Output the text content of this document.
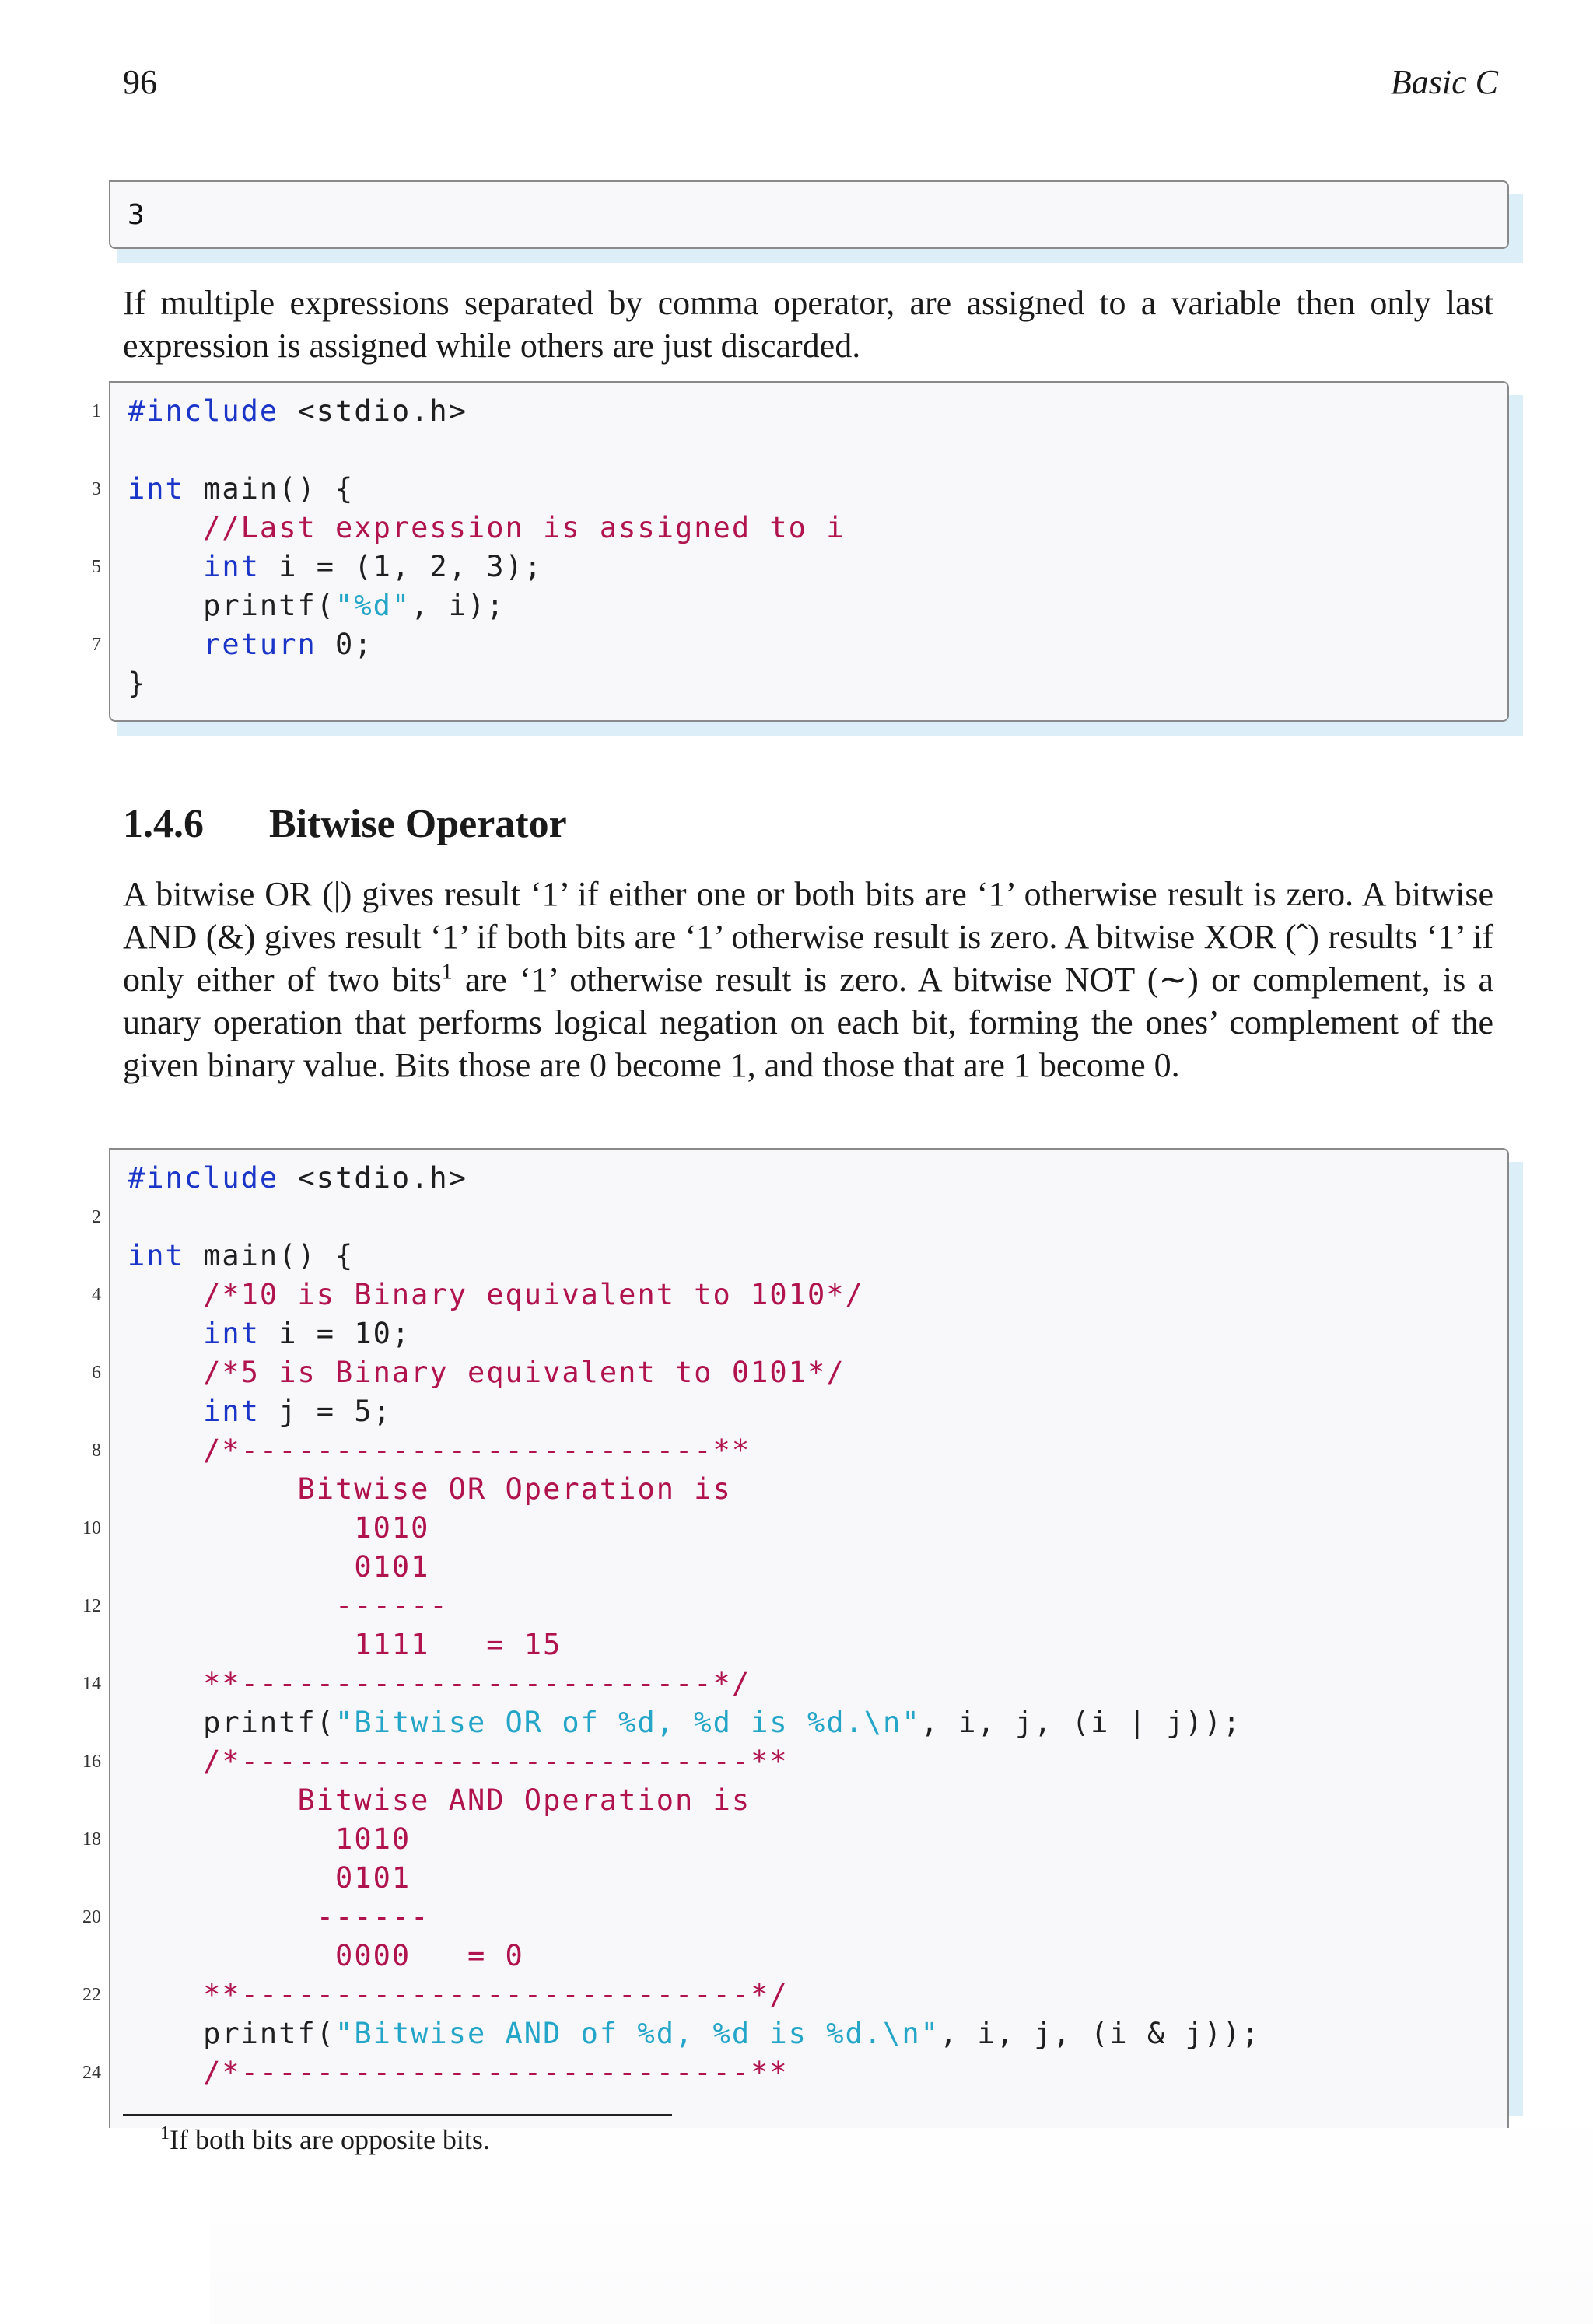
96	Basic C
3
If multiple expressions separated by comma operator, are assigned to a variable then only last expression is assigned while others are just discarded.
1
3
5
7
#include <stdio.h>

int main() {
//Last expression is assigned to i
int i = (1, 2, 3);
printf("%d", i);
return 0;
}
1.4.6 Bitwise Operator
A bitwise OR (|) gives result ‘1’ if either one or both bits are ‘1’ otherwise result is zero. A bitwise AND (&) gives result ‘1’ if both bits are ‘1’ otherwise result is zero. A bitwise XOR (ˆ) results ‘1’ if only either of two bits$^1$ are ‘1’ otherwise result is zero. A bitwise NOT (∼) or complement, is a unary operation that performs logical negation on each bit, forming the ones’ complement of the given binary value. Bits those are 0 become 1, and those that are 1 become 0.
2
4
6
8
10
12
14
16
18
20
22
24
#include <stdio.h>

int main() {
/*10 is Binary equivalent to 1010*/
int i = 10;
/*5 is Binary equivalent to 0101*/
int j = 5;
/*-------------------------**
Bitwise OR Operation is
1010
0101
------
1111   = 15
**-------------------------*/
printf("Bitwise OR of %d, %d is %d.\n", i, j, (i | j));
/*---------------------------**
Bitwise AND Operation is
1010
0101
------
0000   = 0
**---------------------------*/
printf("Bitwise AND of %d, %d is %d.\n", i, j, (i & j));
/*---------------------------**
$^1$If both bits are opposite bits.
